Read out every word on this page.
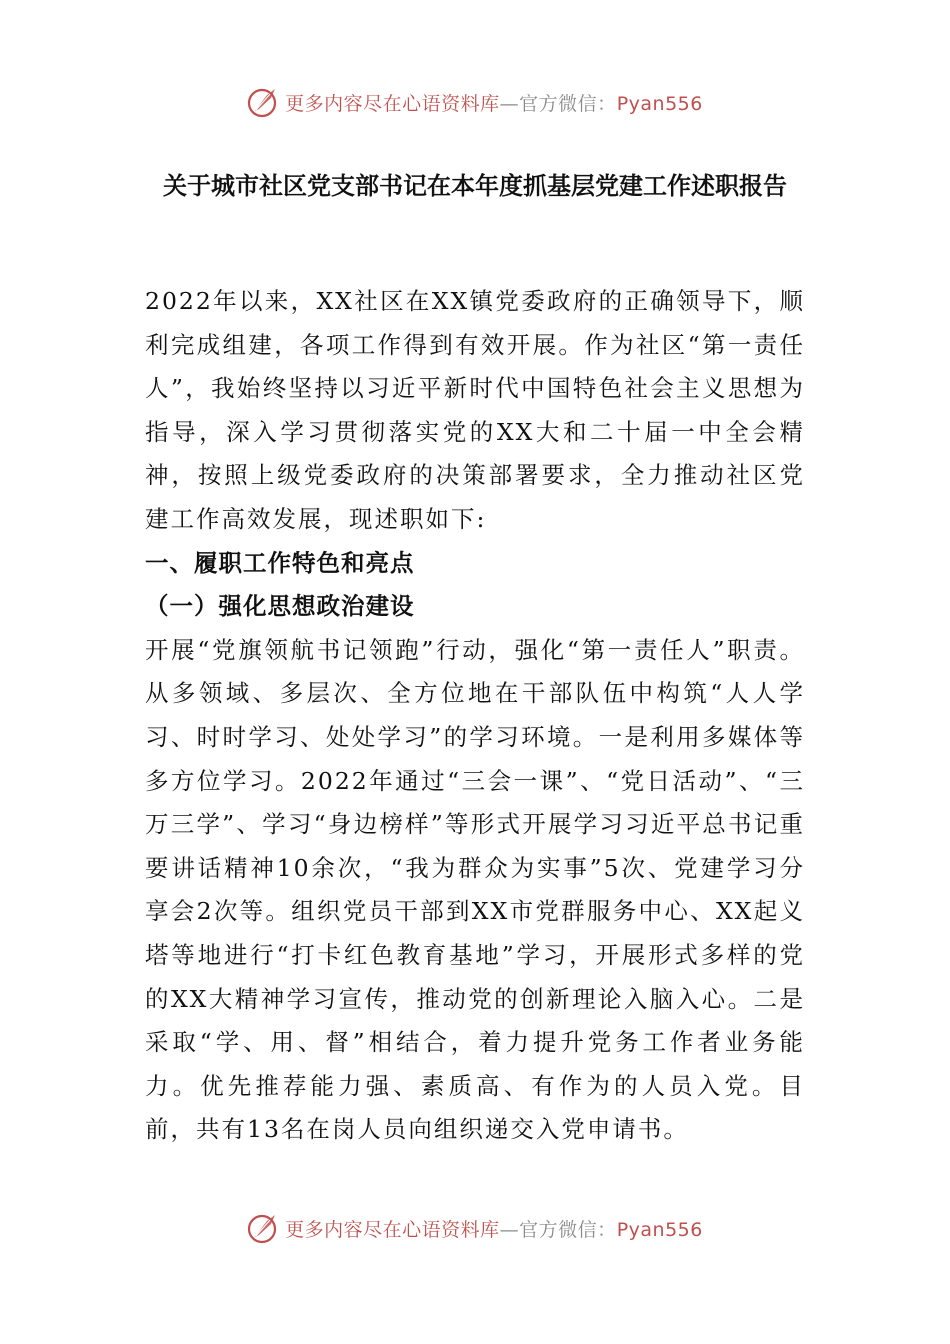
更多内容尽在心语资料库—官方微信：Pyan556
关于城市社区党支部书记在本年度抓基层党建工作述职报告

2022年以来，XX社区在XX镇党委政府的正确领导下，顺利完成组建，各项工作得到有效开展。作为社区“第一责任人”，我始终坚持以习近平新时代中国特色社会主义思想为指导，深入学习贯彻落实党的XX大和二十届一中全会精神，按照上级党委政府的决策部署要求，全力推动社区党建工作高效发展，现述职如下:

一、履职工作特色和亮点

（一）强化思想政治建设

开展“党旗领航书记领跑”行动，强化“第一责任人”职责。从多领域、多层次、全方位地在干部队伍中构筑“人人学习、时时学习、处处学习”的学习环境。一是利用多媒体等多方位学习。2022年通过“三会一课”、“党日活动”、“三万三学”、学习“身边榜样”等形式开展学习习近平总书记重要讲话精神10余次，“我为群众为实事”5次、党建学习分享会2次等。组织党员干部到XX市党群服务中心、XX起义塔等地进行“打卡红色教育基地”学习，开展形式多样的党的XX大精神学习宣传，推动党的创新理论入脑入心。二是采取“学、用、督”相结合，着力提升党务工作者业务能力。优先推荐能力强、素质高、有作为的人员入党。目前，共有13名在岗人员向组织递交入党申请书。

更多内容尽在心语资料库—官方微信：Pyan556
